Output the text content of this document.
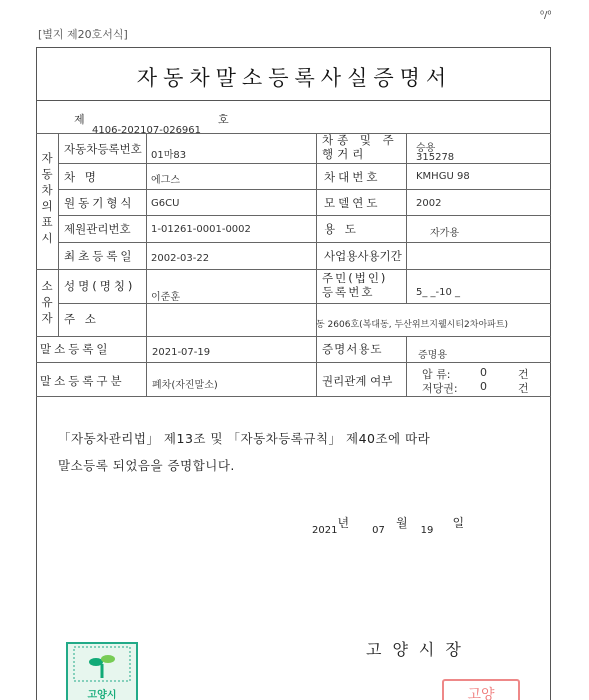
[별지 제20호서식]
⁰/⁰
자동차말소등록사실증명서
제	호
4106-202107-026961
자동차의표시
소유자
자동차등록번호 01마83
차종 및 주행거리	승용
315278
차 명	에그스	차대번호	KMHGU 98
원동기형식 G6CU	모델연도	2002
제원관리번호 1-01261-0001-0002	용 도	자가용
최초등록일 2002-03-22	사업용사용기간
성명(명칭)
이준훈
주민(법인) 등록번호	5_ _-10 _
주 소	동 2606호(복대동, 두산위브지웰시티2차아파트)
말소등록일	2021-07-19	증명서용도	증명용
말소등록구분	폐차(자진말소)	권리관계 여부	압 류:	0	건
저당권: 0	건
「자동차관리법」 제13조 및 「자동차등록규칙」 제40조에 따라
말소등록 되었음을 증명합니다.
$2021^년$ 07 $^월$ 19 $^일$
고양시장
고양
고양시
